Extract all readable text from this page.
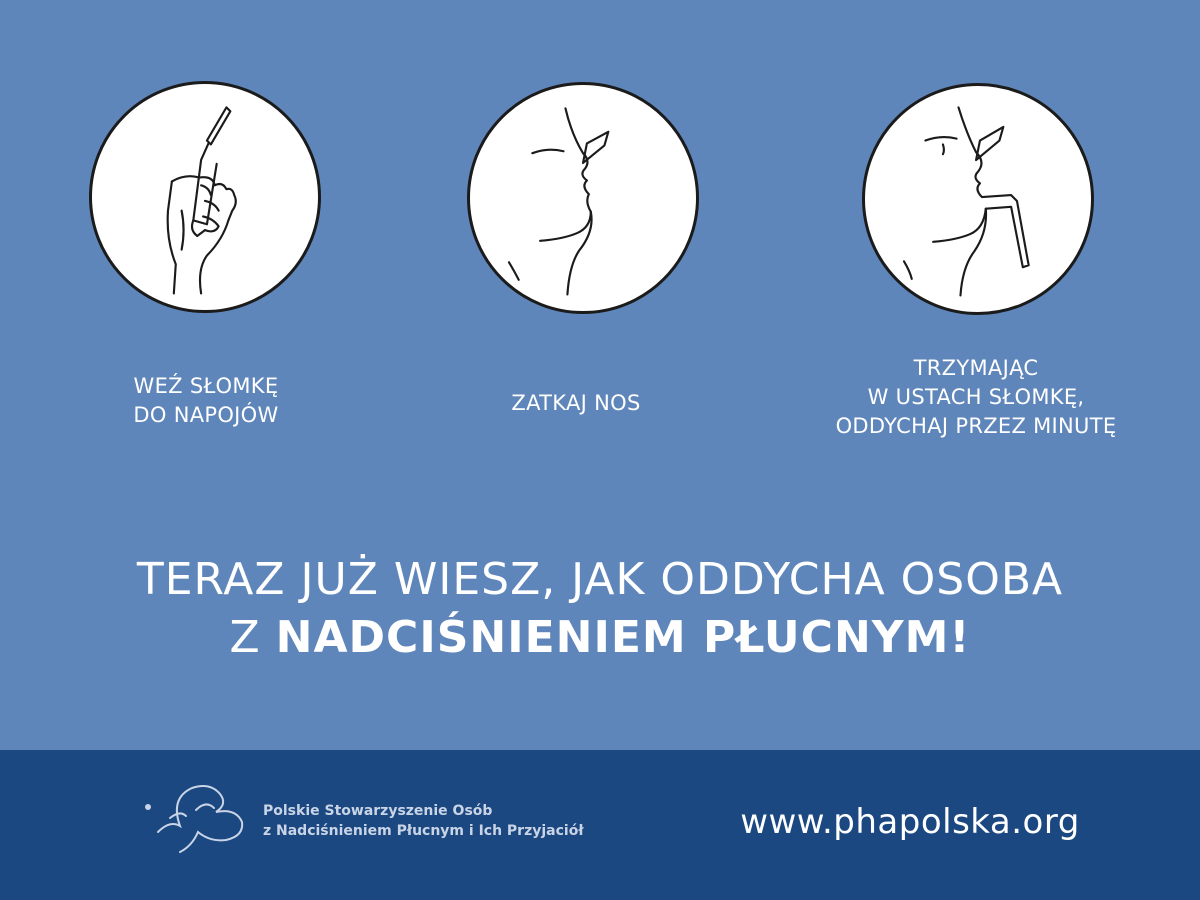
WEŹ SŁOMKĘ
DO NAPOJÓW	ZATKAJ NOS
TRZYMAJĄC
W USTACH SŁOMKĘ,
ODDYCHAJ PRZEZ MINUTĘ
TERAZ JUŻ WIESZ, JAK ODDYCHA OSOBA
Z NADCIŚNIENIEM PŁUCNYM!
Polskie Stowarzyszenie Osób
z Nadciśnieniem Płucnym i Ich Przyjaciół	www.phapolska.org
